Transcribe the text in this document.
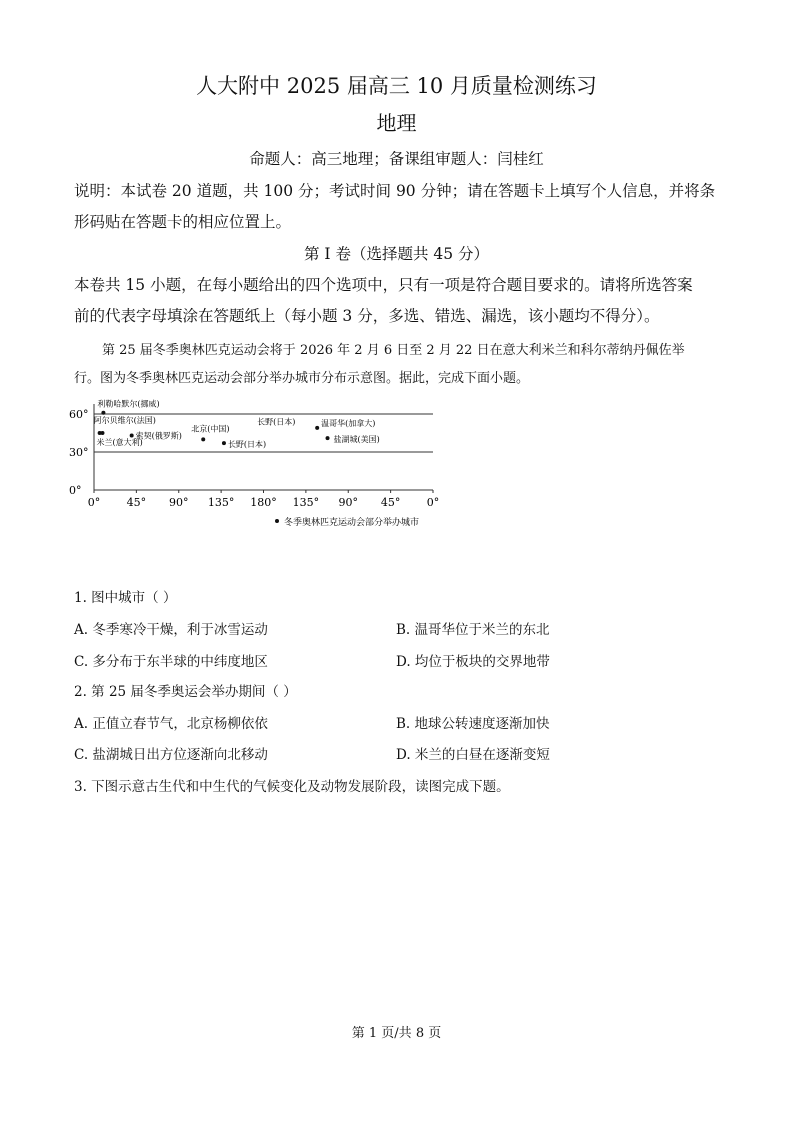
人大附中 2025 届高三 10 月质量检测练习
地理
命题人：高三地理；备课组审题人：闫桂红
说明：本试卷 20 道题，共 100 分；考试时间 90 分钟；请在答题卡上填写个人信息，并将条
形码贴在答题卡的相应位置上。
第 I 卷（选择题共 45 分）
本卷共 15 小题，在每小题给出的四个选项中，只有一项是符合题目要求的。请将所选答案
前的代表字母填涂在答题纸上（每小题 3 分，多选、错选、漏选，该小题均不得分）。
第 25 届冬季奥林匹克运动会将于 2026 年 2 月 6 日至 2 月 22 日在意大利米兰和科尔蒂纳丹佩佐举
行。图为冬季奥林匹克运动会部分举办城市分布示意图。据此，完成下面小题。
60°
30°
0°
0° 45° 90° 135° 180° 135° 90° 45° 0°
利勒哈默尔(挪威)
阿尔贝维尔(法国)
索契(俄罗斯)
米兰(意大利)
北京(中国)
长野(日本)
长野(日本)	温哥华(加拿大)
盐湖城(美国)
冬季奥林匹克运动会部分举办城市
1. 图中城市（ ）
A. 冬季寒冷干燥，利于冰雪运动	B. 温哥华位于米兰的东北
C. 多分布于东半球的中纬度地区	D. 均位于板块的交界地带
2. 第 25 届冬季奥运会举办期间（ ）
A. 正值立春节气，北京杨柳依依	B. 地球公转速度逐渐加快
C. 盐湖城日出方位逐渐向北移动	D. 米兰的白昼在逐渐变短
3. 下图示意古生代和中生代的气候变化及动物发展阶段，读图完成下题。
第 1 页/共 8 页
